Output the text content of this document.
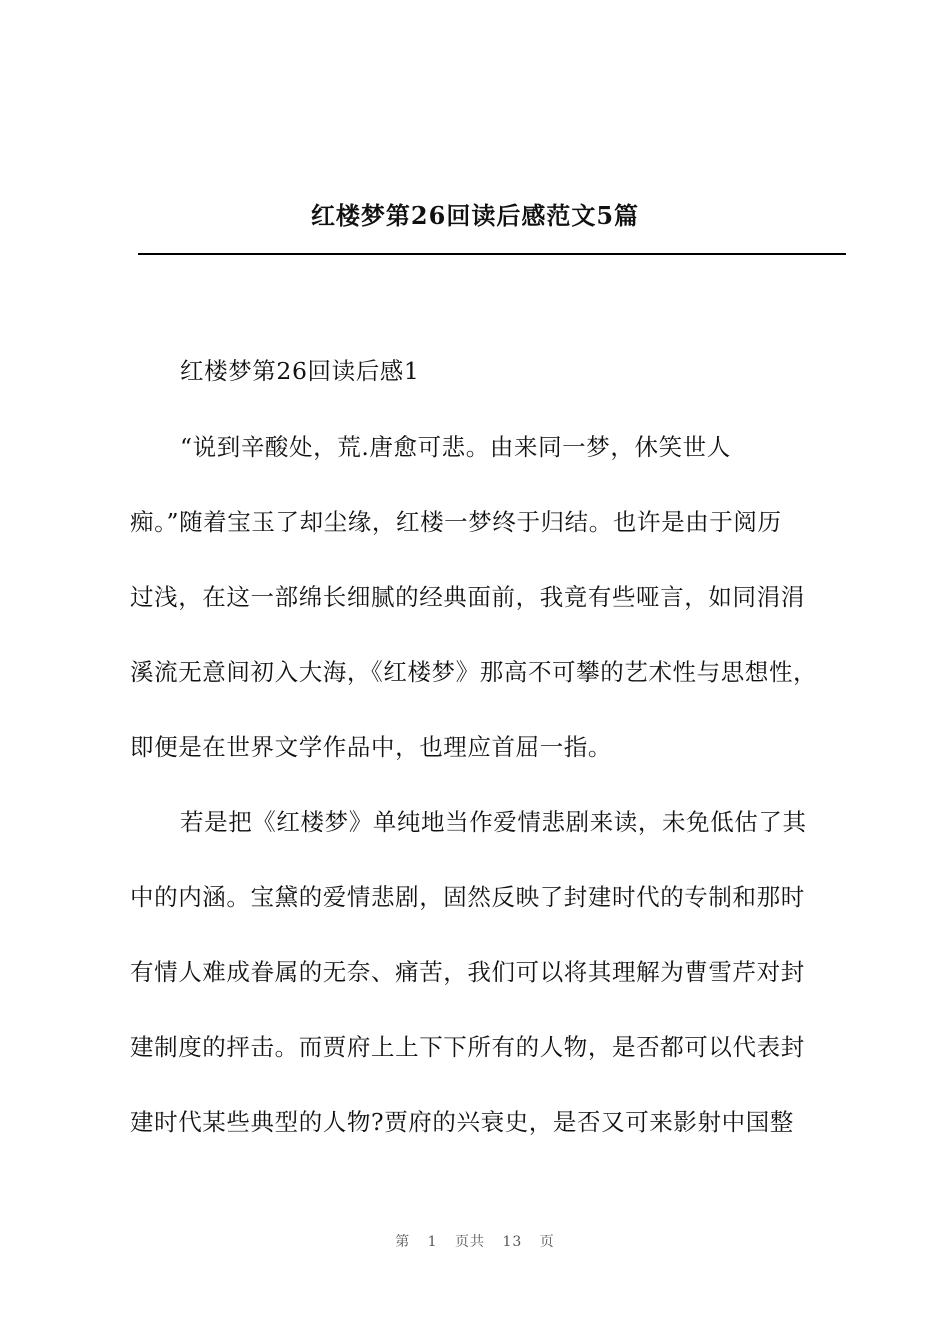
红楼梦第26回读后感范文5篇

红楼梦第26回读后感1

“说到辛酸处，荒.唐愈可悲。由来同一梦，休笑世人

痴。”随着宝玉了却尘缘，红楼一梦终于归结。也许是由于阅历

过浅，在这一部绵长细腻的经典面前，我竟有些哑言，如同涓涓

溪流无意间初入大海，《红楼梦》那高不可攀的艺术性与思想性，

即便是在世界文学作品中，也理应首屈一指。

若是把《红楼梦》单纯地当作爱情悲剧来读，未免低估了其

中的内涵。宝黛的爱情悲剧，固然反映了封建时代的专制和那时

有情人难成眷属的无奈、痛苦，我们可以将其理解为曹雪芹对封

建制度的抨击。而贾府上上下下所有的人物，是否都可以代表封

建时代某些典型的人物?贾府的兴衰史，是否又可来影射中国整

第 1 页共 13 页
